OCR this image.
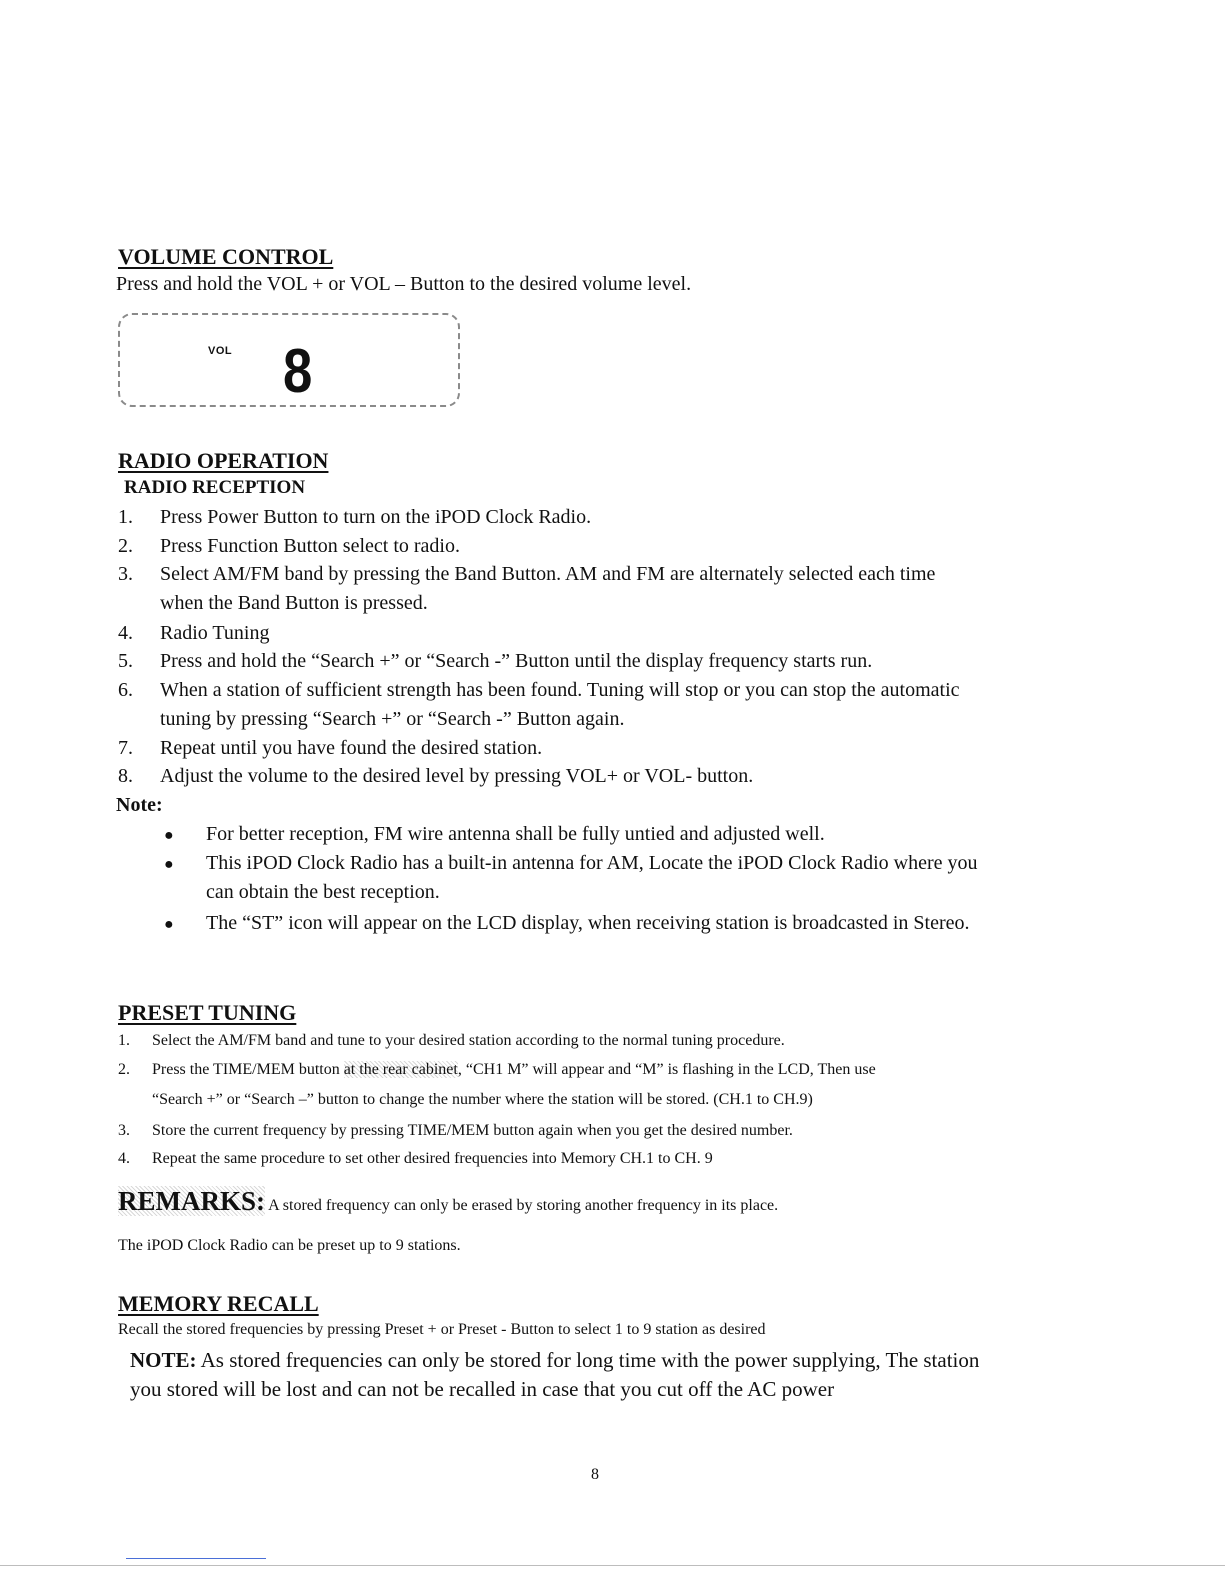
VOLUME CONTROL
Press and hold the VOL + or VOL – Button to the desired volume level.
VOL 8
RADIO OPERATION
RADIO RECEPTION
1. Press Power Button to turn on the iPOD Clock Radio.
2. Press Function Button select to radio.
3. Select AM/FM band by pressing the Band Button. AM and FM are alternately selected each time
when the Band Button is pressed.
4. Radio Tuning
5. Press and hold the “Search +” or “Search -” Button until the display frequency starts run.
6. When a station of sufficient strength has been found. Tuning will stop or you can stop the automatic
tuning by pressing “Search +” or “Search -” Button again.
7. Repeat until you have found the desired station.
8. Adjust the volume to the desired level by pressing VOL+ or VOL- button.
Note:
● For better reception, FM wire antenna shall be fully untied and adjusted well.
● This iPOD Clock Radio has a built-in antenna for AM, Locate the iPOD Clock Radio where you
can obtain the best reception.
● The “ST” icon will appear on the LCD display, when receiving station is broadcasted in Stereo.
PRESET TUNING
1. Select the AM/FM band and tune to your desired station according to the normal tuning procedure.
2. Press the TIME/MEM button at the rear cabinet, “CH1 M” will appear and “M” is flashing in the LCD, Then use
“Search +” or “Search –” button to change the number where the station will be stored. (CH.1 to CH.9)
3. Store the current frequency by pressing TIME/MEM button again when you get the desired number.
4. Repeat the same procedure to set other desired frequencies into Memory CH.1 to CH. 9
REMARKS: A stored frequency can only be erased by storing another frequency in its place.
The iPOD Clock Radio can be preset up to 9 stations.
MEMORY RECALL
Recall the stored frequencies by pressing Preset + or Preset - Button to select 1 to 9 station as desired
NOTE: As stored frequencies can only be stored for long time with the power supplying, The station
you stored will be lost and can not be recalled in case that you cut off the AC power
8
